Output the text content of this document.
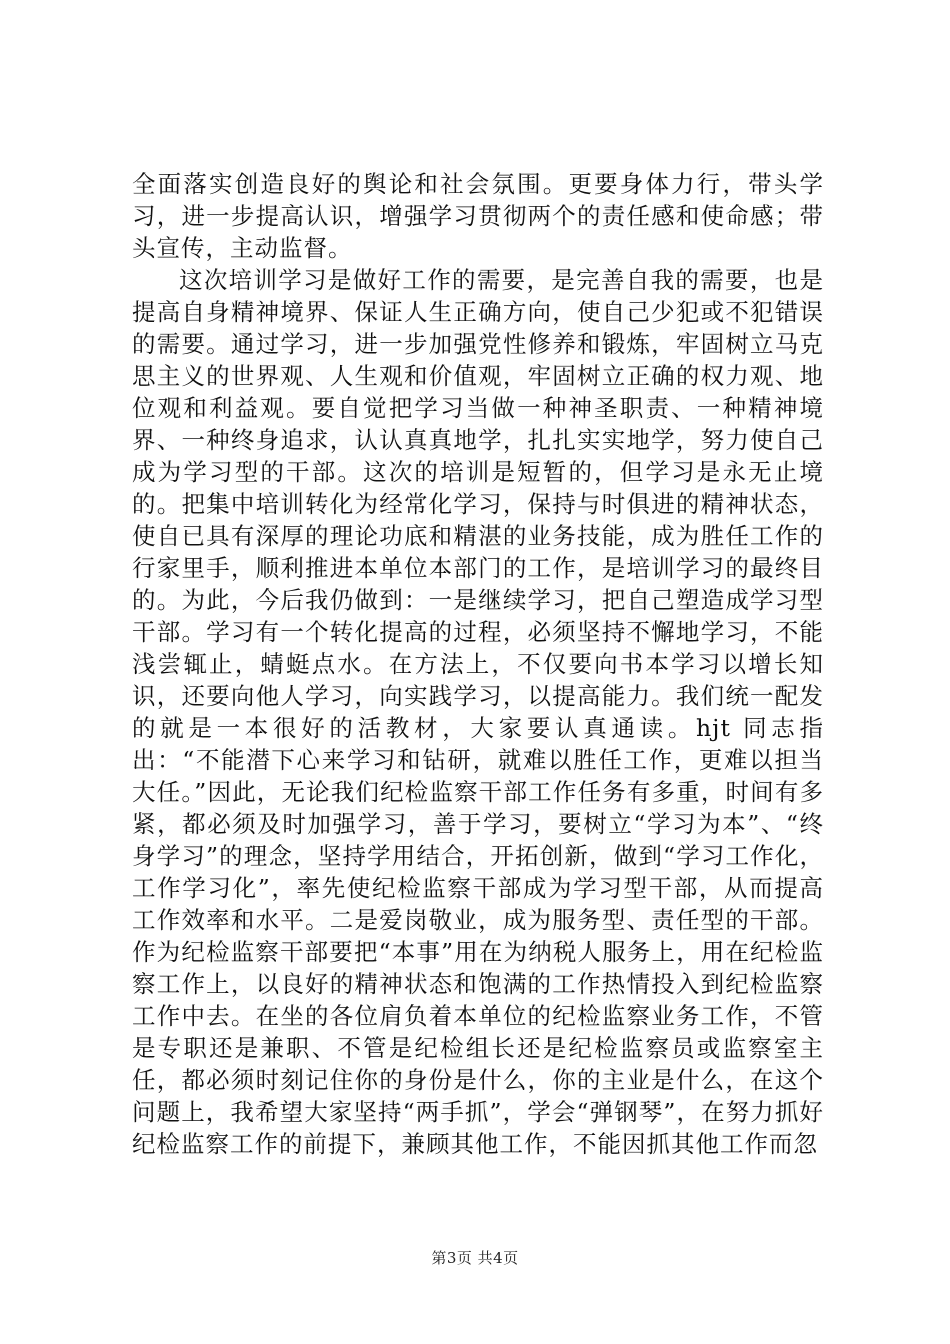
全面落实创造良好的舆论和社会氛围。更要身体力行，带头学习，进一步提高认识，增强学习贯彻两个的责任感和使命感；带头宣传，主动监督。

这次培训学习是做好工作的需要，是完善自我的需要，也是提高自身精神境界、保证人生正确方向，使自己少犯或不犯错误的需要。通过学习，进一步加强党性修养和锻炼，牢固树立马克思主义的世界观、人生观和价值观，牢固树立正确的权力观、地位观和利益观。要自觉把学习当做一种神圣职责、一种精神境界、一种终身追求，认认真真地学，扎扎实实地学，努力使自己成为学习型的干部。这次的培训是短暂的，但学习是永无止境的。把集中培训转化为经常化学习，保持与时俱进的精神状态，使自已具有深厚的理论功底和精湛的业务技能，成为胜任工作的行家里手，顺利推进本单位本部门的工作，是培训学习的最终目的。为此，今后我仍做到：一是继续学习，把自己塑造成学习型干部。学习有一个转化提高的过程，必须坚持不懈地学习，不能浅尝辄止，蜻蜓点水。在方法上，不仅要向书本学习以增长知识，还要向他人学习，向实践学习，以提高能力。我们统一配发的就是一本很好的活教材，大家要认真通读。hjt 同志指出：“不能潜下心来学习和钻研，就难以胜任工作，更难以担当大任。”因此，无论我们纪检监察干部工作任务有多重，时间有多紧，都必须及时加强学习，善于学习，要树立“学习为本”、“终身学习”的理念，坚持学用结合，开拓创新，做到“学习工作化，工作学习化”，率先使纪检监察干部成为学习型干部，从而提高工作效率和水平。二是爱岗敬业，成为服务型、责任型的干部。作为纪检监察干部要把“本事”用在为纳税人服务上，用在纪检监察工作上，以良好的精神状态和饱满的工作热情投入到纪检监察工作中去。在坐的各位肩负着本单位的纪检监察业务工作，不管是专职还是兼职、不管是纪检组长还是纪检监察员或监察室主任，都必须时刻记住你的身份是什么，你的主业是什么，在这个问题上，我希望大家坚持“两手抓”，学会“弹钢琴”，在努力抓好纪检监察工作的前提下，兼顾其他工作，不能因抓其他工作而忽

第3页 共4页
